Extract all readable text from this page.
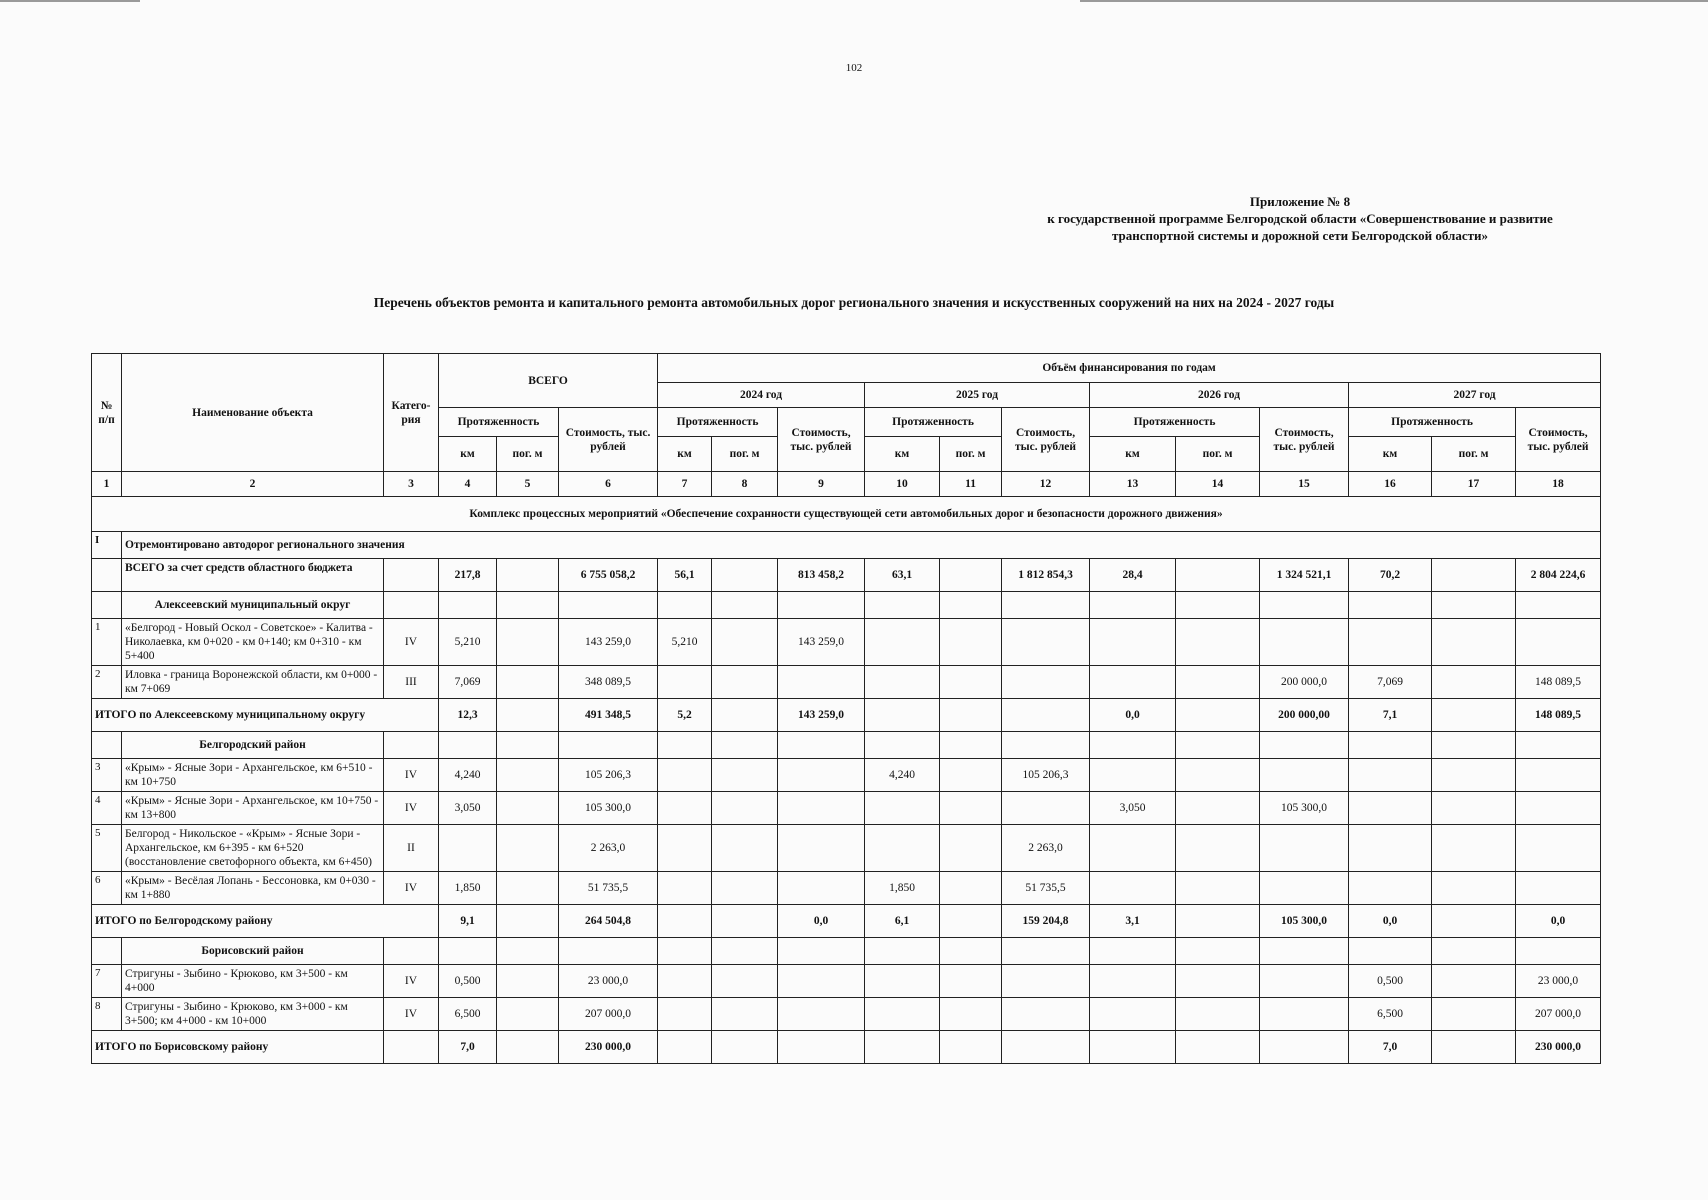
102
Приложение № 8
к государственной программе Белгородской области «Совершенствование и развитие
транспортной системы и дорожной сети Белгородской области»
Перечень объектов ремонта и капитального ремонта автомобильных дорог регионального значения и искусственных сооружений на них на 2024 - 2027 годы
№ п/п	Наименование объекта	Катего-рия	ВСЕГО			Объём финансирования по годам											
						2024 год			2025 год			2026 год			2027 год		
			Протяженность		Стоимость, тыс. рублей	Протяженность		Стоимость, тыс. рублей	Протяженность		Стоимость, тыс. рублей	Протяженность		Стоимость, тыс. рублей	Протяженность		Стоимость, тыс. рублей
			км	пог. м		км	пог. м		км	пог. м		км	пог. м		км	пог. м	
1	2	3	4	5	6	7	8	9	10	11	12	13	14	15	16	17	18
Комплекс процессных мероприятий «Обеспечение сохранности существующей сети автомобильных дорог и безопасности дорожного движения»																	
I	Отремонтировано автодорог регионального значения																
	ВСЕГО за счет средств областного бюджета		217,8		6 755 058,2	56,1		813 458,2	63,1		1 812 854,3	28,4		1 324 521,1	70,2		2 804 224,6
	Алексеевский муниципальный округ																
1	«Белгород - Новый Оскол - Советское» - Калитва - Николаевка, км 0+020 - км 0+140; км 0+310 - км 5+400	IV	5,210		143 259,0	5,210		143 259,0									
2	Иловка - граница Воронежской области, км 0+000 - км 7+069	III	7,069		348 089,5									200 000,0	7,069		148 089,5
ИТОГО по Алексеевскому муниципальному округу			12,3		491 348,5	5,2		143 259,0				0,0		200 000,00	7,1		148 089,5
	Белгородский район																
3	«Крым» - Ясные Зори - Архангельское, км 6+510 - км 10+750	IV	4,240		105 206,3				4,240		105 206,3						
4	«Крым» - Ясные Зори - Архангельское, км 10+750 - км 13+800	IV	3,050		105 300,0							3,050		105 300,0			
5	Белгород - Никольское - «Крым» - Ясные Зори - Архангельское, км 6+395 - км 6+520 (восстановление светофорного объекта, км 6+450)	II			2 263,0						2 263,0						
6	«Крым» - Весёлая Лопань - Бессоновка, км 0+030 - км 1+880	IV	1,850		51 735,5				1,850		51 735,5						
ИТОГО по Белгородскому району			9,1		264 504,8			0,0	6,1		159 204,8	3,1		105 300,0	0,0		0,0
	Борисовский район																
7	Стригуны - Зыбино - Крюково, км 3+500 - км 4+000	IV	0,500		23 000,0										0,500		23 000,0
8	Стригуны - Зыбино - Крюково, км 3+000 - км 3+500; км 4+000 - км 10+000	IV	6,500		207 000,0										6,500		207 000,0
ИТОГО по Борисовскому району			7,0		230 000,0										7,0		230 000,0
